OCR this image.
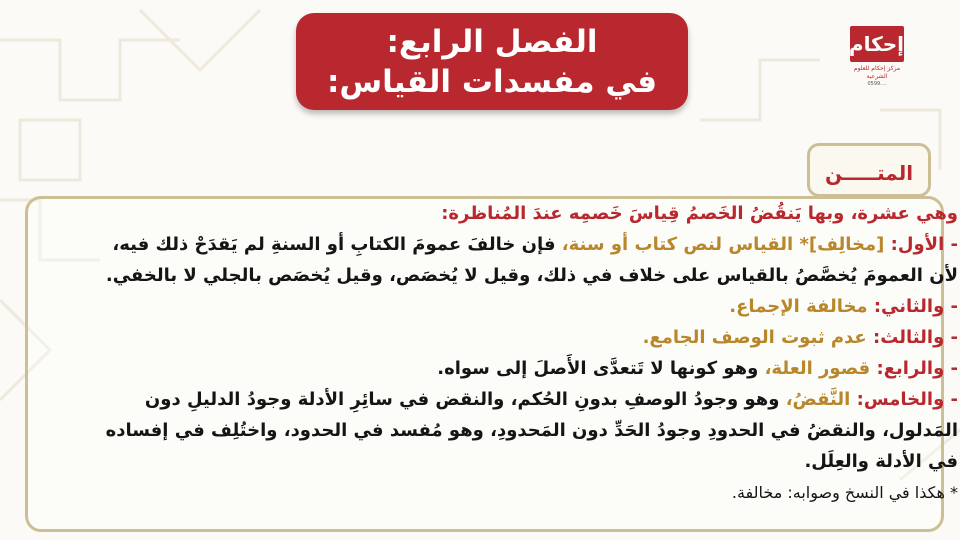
الفصل الرابع:
في مفسدات القياس:
إحكام
مركز إحكام للعلوم الشرعية
0599....
المتـــــن
وهي عشرة، وبها يَنقُضُ الخَصمُ قِياسَ خَصمِه عندَ المُناظرة:
- الأول: [مخالِف]* القياس لنص كتاب أو سنة، فإن خالفَ عمومَ الكتابِ أو السنةِ لم يَقدَحْ ذلك فيه،
لأن العمومَ يُخصَّصُ بالقياس على خلاف في ذلك، وقيل لا يُخصَص، وقيل يُخصَص بالجلي لا بالخفي.
- والثاني: مخالفة الإجماع.
- والثالث: عدم ثبوت الوصف الجامع.
- والرابع: قصور العلة، وهو كونها لا تَتعدَّى الأَصلَ إلى سواه.
- والخامس: النَّقضُ، وهو وجودُ الوصفِ بدونِ الحُكم، والنقض في سائِرِ الأدلة وجودُ الدليلِ دون
المَدلول، والنقضُ في الحدودِ وجودُ الحَدِّ دون المَحدودِ، وهو مُفسد في الحدود، واختُلِف في إفساده
في الأدلة والعِلَل.
* هكذا في النسخ وصوابه: مخالفة.
